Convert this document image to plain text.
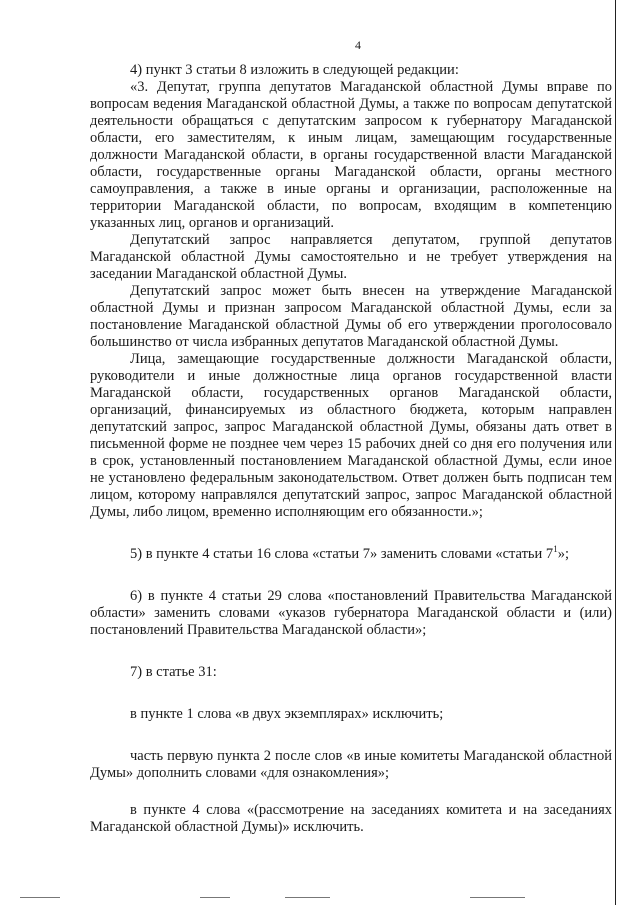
4

4) пункт 3 статьи 8 изложить в следующей редакции:

«3. Депутат, группа депутатов Магаданской областной Думы вправе по вопросам ведения Магаданской областной Думы, а также по вопросам депутатской деятельности обращаться с депутатским запросом к губернатору Магаданской области, его заместителям, к иным лицам, замещающим государственные должности Магаданской области, в органы государственной власти Магаданской области, государственные органы Магаданской области, органы местного самоуправления, а также в иные органы и организации, расположенные на территории Магаданской области, по вопросам, входящим в компетенцию указанных лиц, органов и организаций.

Депутатский запрос направляется депутатом, группой депутатов Магаданской областной Думы самостоятельно и не требует утверждения на заседании Магаданской областной Думы.

Депутатский запрос может быть внесен на утверждение Магаданской областной Думы и признан запросом Магаданской областной Думы, если за постановление Магаданской областной Думы об его утверждении проголосовало большинство от числа избранных депутатов Магаданской областной Думы.

Лица, замещающие государственные должности Магаданской области, руководители и иные должностные лица органов государственной власти Магаданской области, государственных органов Магаданской области, организаций, финансируемых из областного бюджета, которым направлен депутатский запрос, запрос Магаданской областной Думы, обязаны дать ответ в письменной форме не позднее чем через 15 рабочих дней со дня его получения или в срок, установленный постановлением Магаданской областной Думы, если иное не установлено федеральным законодательством. Ответ должен быть подписан тем лицом, которому направлялся депутатский запрос, запрос Магаданской областной Думы, либо лицом, временно исполняющим его обязанности.»;

5) в пункте 4 статьи 16 слова «статьи 7» заменить словами «статьи $7^1$»;

6) в пункте 4 статьи 29 слова «постановлений Правительства Магаданской области» заменить словами «указов губернатора Магаданской области и (или) постановлений Правительства Магаданской области»;

7) в статье 31:

в пункте 1 слова «в двух экземплярах» исключить;

часть первую пункта 2 после слов «в иные комитеты Магаданской областной Думы» дополнить словами «для ознакомления»;

в пункте 4 слова «(рассмотрение на заседаниях комитета и на заседаниях Магаданской областной Думы)» исключить.
